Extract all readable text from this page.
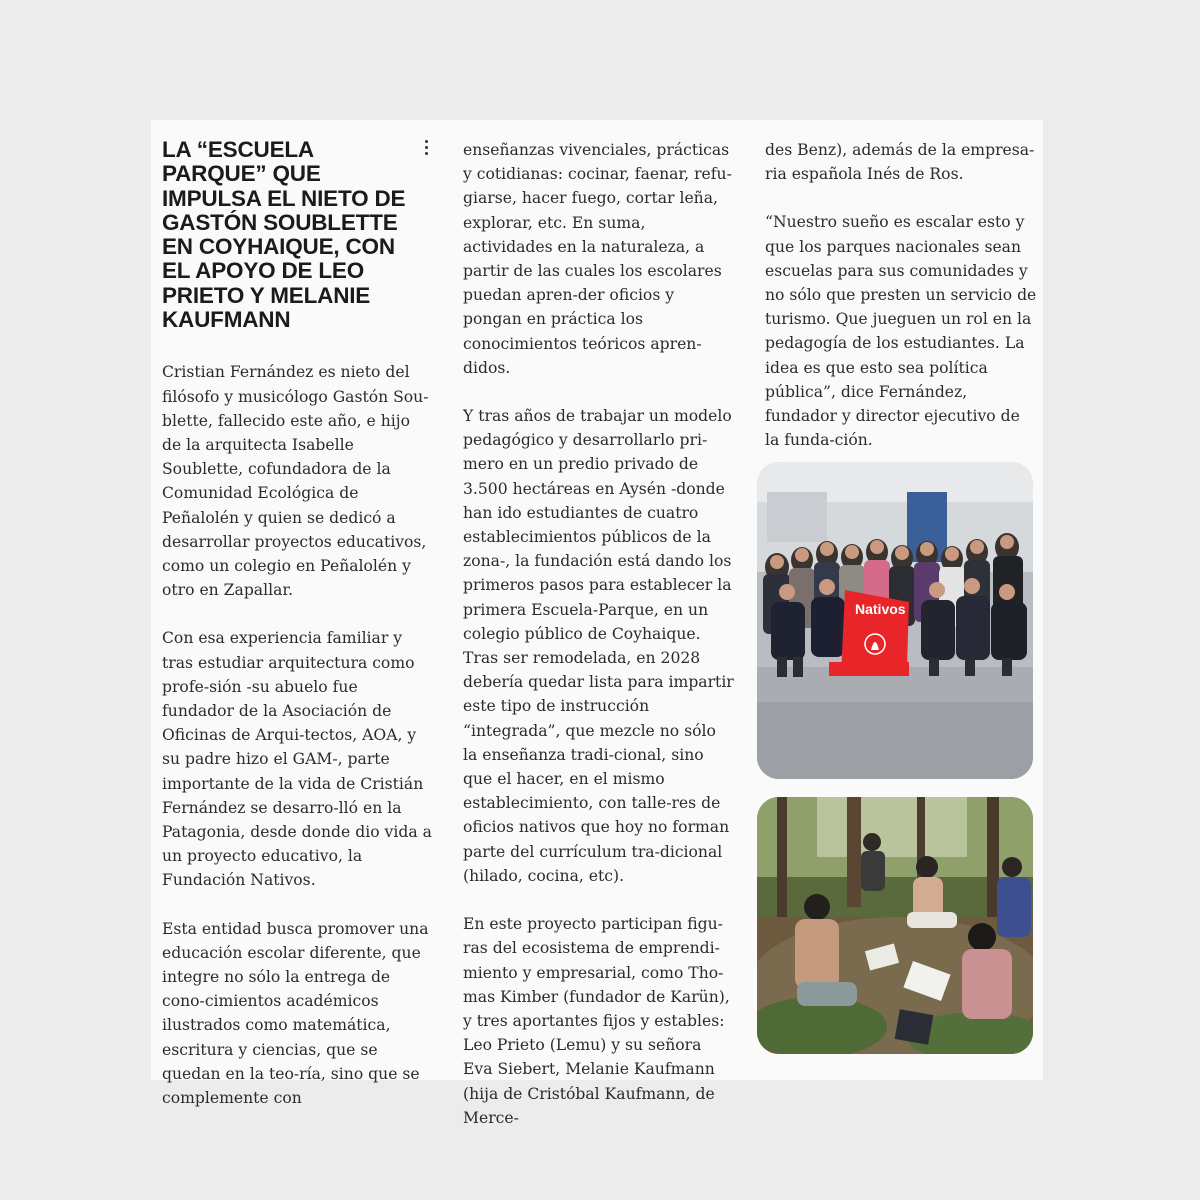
LA “ESCUELA PARQUE” QUE IMPULSA EL NIETO DE GASTÓN SOUBLETTE EN COYHAIQUE, CON EL APOYO DE LEO PRIETO Y MELANIE KAUFMANN

Cristian Fernández es nieto del filósofo y musicólogo Gastón Sou-blette, fallecido este año, e hijo de la arquitecta Isabelle Soublette, cofundadora de la Comunidad Ecológica de Peñalolén y quien se dedicó a desarrollar proyectos educativos, como un colegio en Peñalolén y otro en Zapallar.

Con esa experiencia familiar y tras estudiar arquitectura como profe-sión -su abuelo fue fundador de la Asociación de Oficinas de Arqui-tectos, AOA, y su padre hizo el GAM-, parte importante de la vida de Cristián Fernández se desarro-lló en la Patagonia, desde donde dio vida a un proyecto educativo, la Fundación Nativos.

Esta entidad busca promover una educación escolar diferente, que integre no sólo la entrega de cono-cimientos académicos ilustrados como matemática, escritura y ciencias, que se quedan en la teo-ría, sino que se complemente con

enseñanzas vivenciales, prácticas y cotidianas: cocinar, faenar, refu-giarse, hacer fuego, cortar leña, explorar, etc. En suma, actividades en la naturaleza, a partir de las cuales los escolares puedan apren-der oficios y pongan en práctica los conocimientos teóricos apren-didos.

Y tras años de trabajar un modelo pedagógico y desarrollarlo pri-mero en un predio privado de 3.500 hectáreas en Aysén -donde han ido estudiantes de cuatro establecimientos públicos de la zona-, la fundación está dando los primeros pasos para establecer la primera Escuela-Parque, en un colegio público de Coyhaique. Tras ser remodelada, en 2028 debería quedar lista para impartir este tipo de instrucción “integrada”, que mezcle no sólo la enseñanza tradi-cional, sino que el hacer, en el mismo establecimiento, con talle-res de oficios nativos que hoy no forman parte del currículum tra-dicional (hilado, cocina, etc).

En este proyecto participan figu-ras del ecosistema de emprendi-miento y empresarial, como Tho-mas Kimber (fundador de Karün), y tres aportantes fijos y estables: Leo Prieto (Lemu) y su señora Eva Siebert, Melanie Kaufmann (hija de Cristóbal Kaufmann, de Merce-

des Benz), además de la empresa-ria española Inés de Ros.

“Nuestro sueño es escalar esto y que los parques nacionales sean escuelas para sus comunidades y no sólo que presten un servicio de turismo. Que jueguen un rol en la pedagogía de los estudiantes. La idea es que esto sea política pública”, dice Fernández, fundador y director ejecutivo de la funda-ción.

Nativos
